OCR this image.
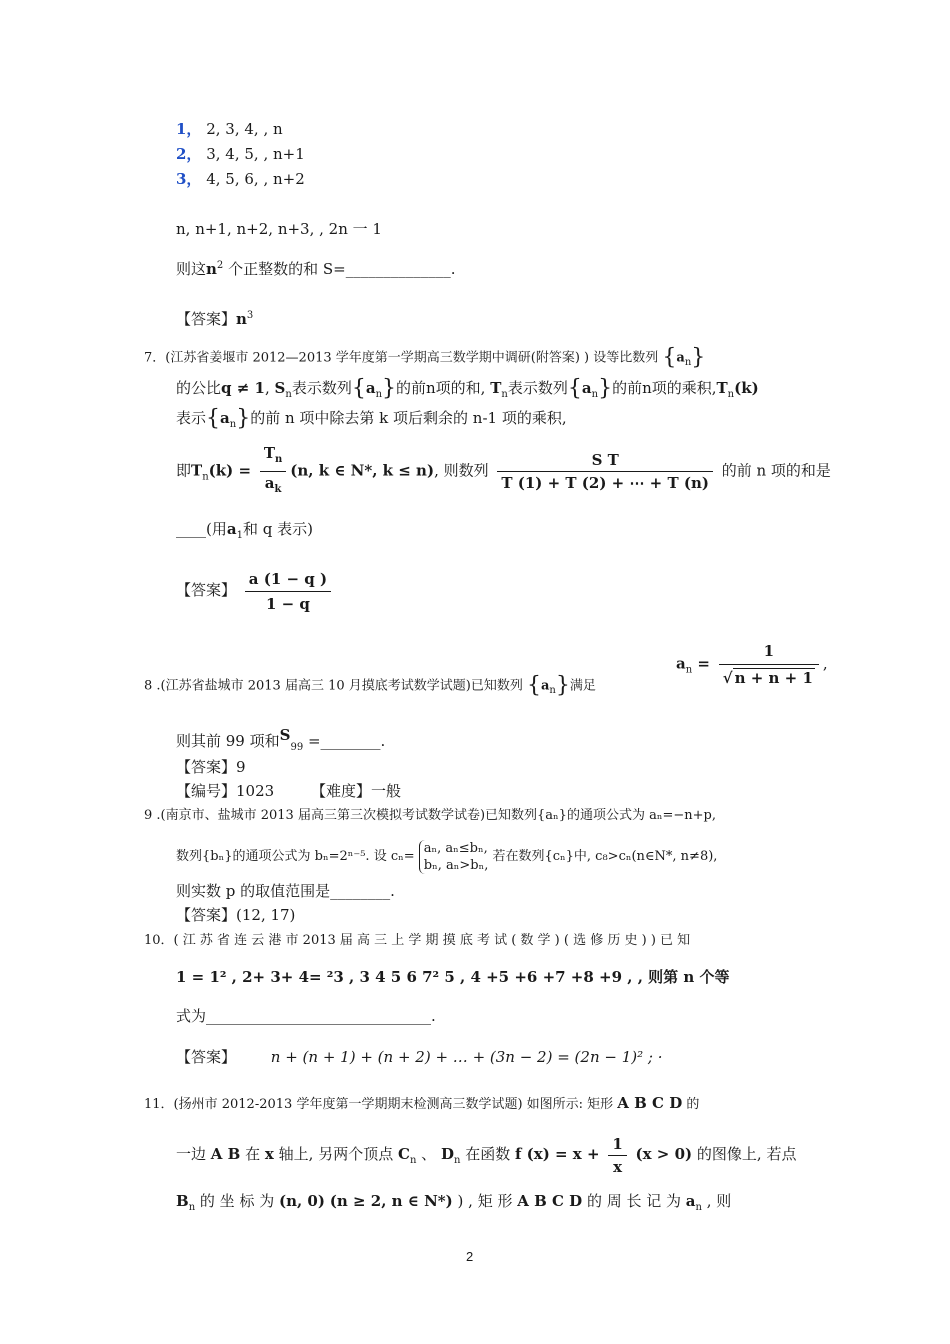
1， 2, 3, 4, , n
2， 3, 4, 5, , n+1
3， 4, 5, 6, , n+2
n, n+1, n+2, n+3, , 2n 一 1
则这$n^2$ 个正整数的和 S=______________.
【答案】$n^3$
7．(江苏省姜堰市 2012—2013 学年度第一学期高三数学期中调研(附答案) ) 设等比数列 $\{a_n\}$
的公比q ≠ 1, $S_n$表示数列$\{a_n\}$的前n项的和, $T_n$表示数列$\{a_n\}$的前n项的乘积$,T_n(k)$
表示$\{a_n\}$的前 n 项中除去第 k 项后剩余的 n-1 项的乘积,
即$T_n(k) = \frac{T_n}{a_k} (n$, k ∈ N*, k ≤ n), 则数列 $\frac{\text{S T}}{T (1) + T (2) + \cdots + T (n)}$ 的前 n 项的和是
____(用$a_1$和 q 表示)
【答案】 $\frac{a (1 - q )}{1 - q}$
$a_n = \frac{1}{√ n + n + 1}$ ,
8 .(江苏省盐城市 2013 届高三 10 月摸底考试数学试题)已知数列 $\{a_n\}$满足
则其前 99 项和$S_{99}$ =________.
【答案】9
【编号】1023 【难度】一般
9 .(南京市、盐城市 2013 届高三第三次模拟考试数学试卷)已知数列{aₙ}的通项公式为 aₙ=−n+p,
数列{bₙ}的通项公式为 bₙ=2ⁿ⁻⁵. 设 cₙ= aₙ, aₙ≤bₙ,
bₙ, aₙ>bₙ, 若在数列{cₙ}中, c₈>cₙ(n∈N*, n≠8),
则实数 p 的取值范围是________.
【答案】(12, 17)
10．( 江 苏 省 连 云 港 市 2013 届 高 三 上 学 期 摸 底 考 试 ( 数 学 ) ( 选 修 历 史 ) ) 已 知
1 = 1² , 2+ 3+ 4= ²3 , 3 4 5 6 7² 5 , 4 +5 +6 +7 +8 +9 , , 则第 n 个等
式为______________________________.
【答案】 n + (n + 1) + (n + 2) + … + (3n − 2) = (2n − 1)² ; ·
11．(扬州市 2012-2013 学年度第一学期期末检测高三数学试题) 如图所示: 矩形 A B C D 的
一边 A B 在 x 轴上, 另两个顶点 $C_n$ 、 $D_n$ 在函数 f $(x) = x + \frac{1}{x} (x > 0)$ 的图像上, 若点
$B_n$ 的 坐 标 为 (n, 0) (n ≥ 2, n ∈ N*) ) , 矩 形 A B C D 的 周 长 记 为 $a_n$ , 则
2
